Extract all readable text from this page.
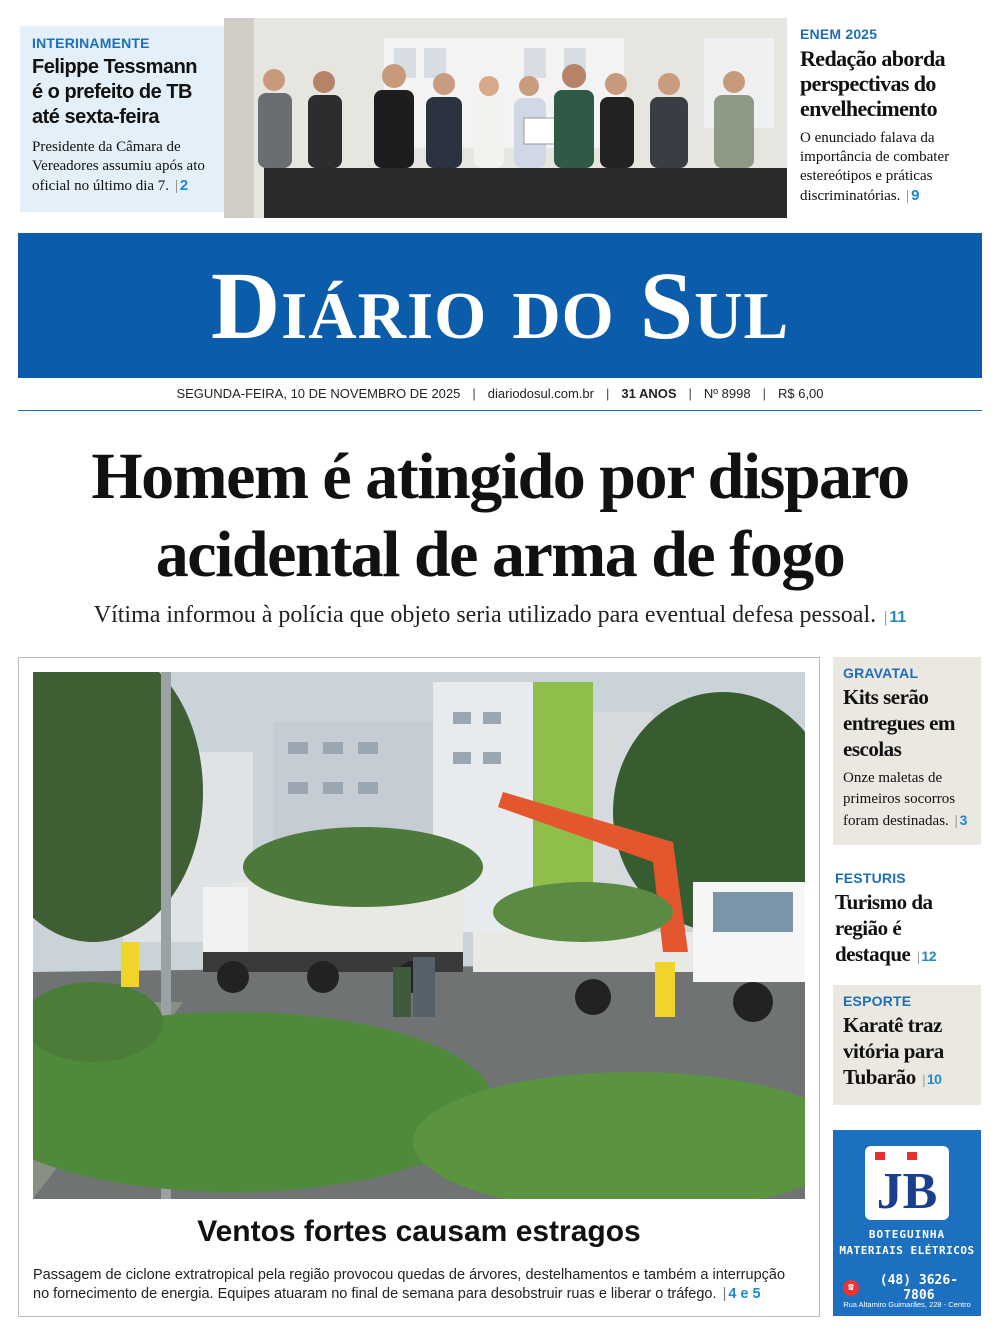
INTERINAMENTE
Felippe Tessmann é o prefeito de TB até sexta-feira

Presidente da Câmara de Vereadores assumiu após ato oficial no último dia 7. | 2

ENEM 2025
Redação aborda perspectivas do envelhecimento

O enunciado falava da importância de combater estereótipos e práticas discriminatórias. | 9

Diário do Sul
SEGUNDA-FEIRA, 10 DE NOVEMBRO DE 2025 | diariodosul.com.br | 31 ANOS | Nº 8998 | R$ 6,00
Homem é atingido por disparo acidental de arma de fogo
Vítima informou à polícia que objeto seria utilizado para eventual defesa pessoal. | 11
Ventos fortes causam estragos

Passagem de ciclone extratropical pela região provocou quedas de árvores, destelhamentos e também a interrupção no fornecimento de energia. Equipes atuaram no final de semana para desobstruir ruas e liberar o tráfego. | 4 e 5

GRAVATAL
Kits serão entregues em escolas

Onze maletas de primeiros socorros foram destinadas. | 3

FESTURIS
Turismo da região é destaque | 12
ESPORTE
Karatê traz vitória para Tubarão | 10
JB
BOTEGUINHA
MATERIAIS ELÉTRICOS
☎	(48) 3626-7806
Rua Altamiro Guimarães, 228 - Centro
